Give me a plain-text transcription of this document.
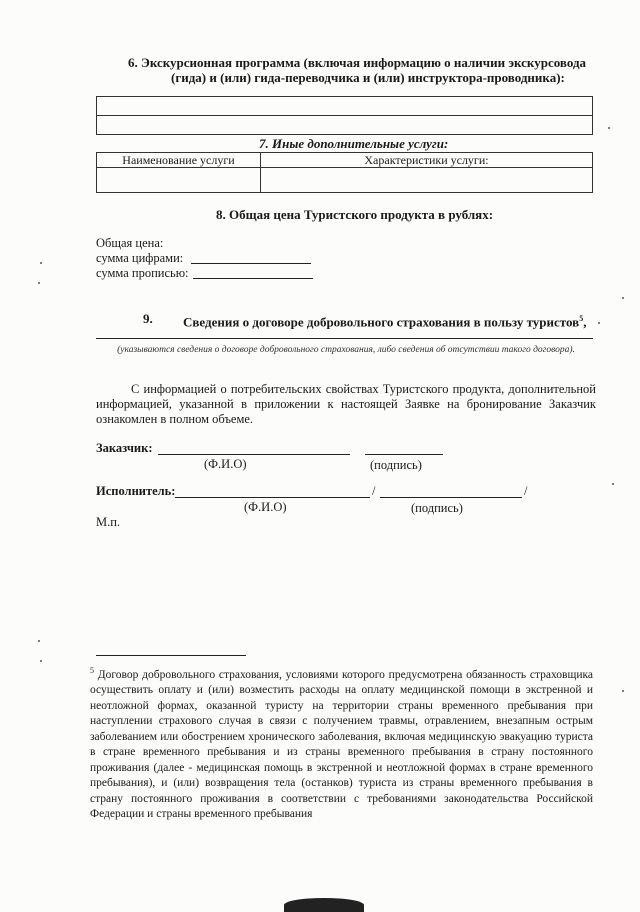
6. Экскурсионная программа (включая информацию о наличии экскурсовода
(гида) и (или) гида-переводчика и (или) инструктора-проводника):

7. Иные дополнительные услуги:
Наименование услуги	Характеристики услуги:

8. Общая цена Туристского продукта в рублях:
Общая цена:
сумма цифрами:
сумма прописью:
9. Сведения о договоре добровольного страхования в пользу туристов$^5$,
(указываются сведения о договоре добровольного страхования, либо сведения об отсутствии такого договора).
С информацией о потребительских свойствах Туристского продукта, дополнительной информацией, указанной в приложении к настоящей Заявке на бронирование Заказчик ознакомлен в полном объеме.
Заказчик:
(Ф.И.О)	(подпись)
Исполнитель:	/	/
(Ф.И.О)	(подпись)
М.п.
$^5$ Договор добровольного страхования, условиями которого предусмотрена обязанность страховщика осуществить оплату и (или) возместить расходы на оплату медицинской помощи в экстренной и неотложной формах, оказанной туристу на территории страны временного пребывания при наступлении страхового случая в связи с получением травмы, отравлением, внезапным острым заболеванием или обострением хронического заболевания, включая медицинскую эвакуацию туриста в стране временного пребывания и из страны временного пребывания в страну постоянного проживания (далее - медицинская помощь в экстренной и неотложной формах в стране временного пребывания), и (или) возвращения тела (останков) туриста из страны временного пребывания в страну постоянного проживания в соответствии с требованиями законодательства Российской Федерации и страны временного пребывания
